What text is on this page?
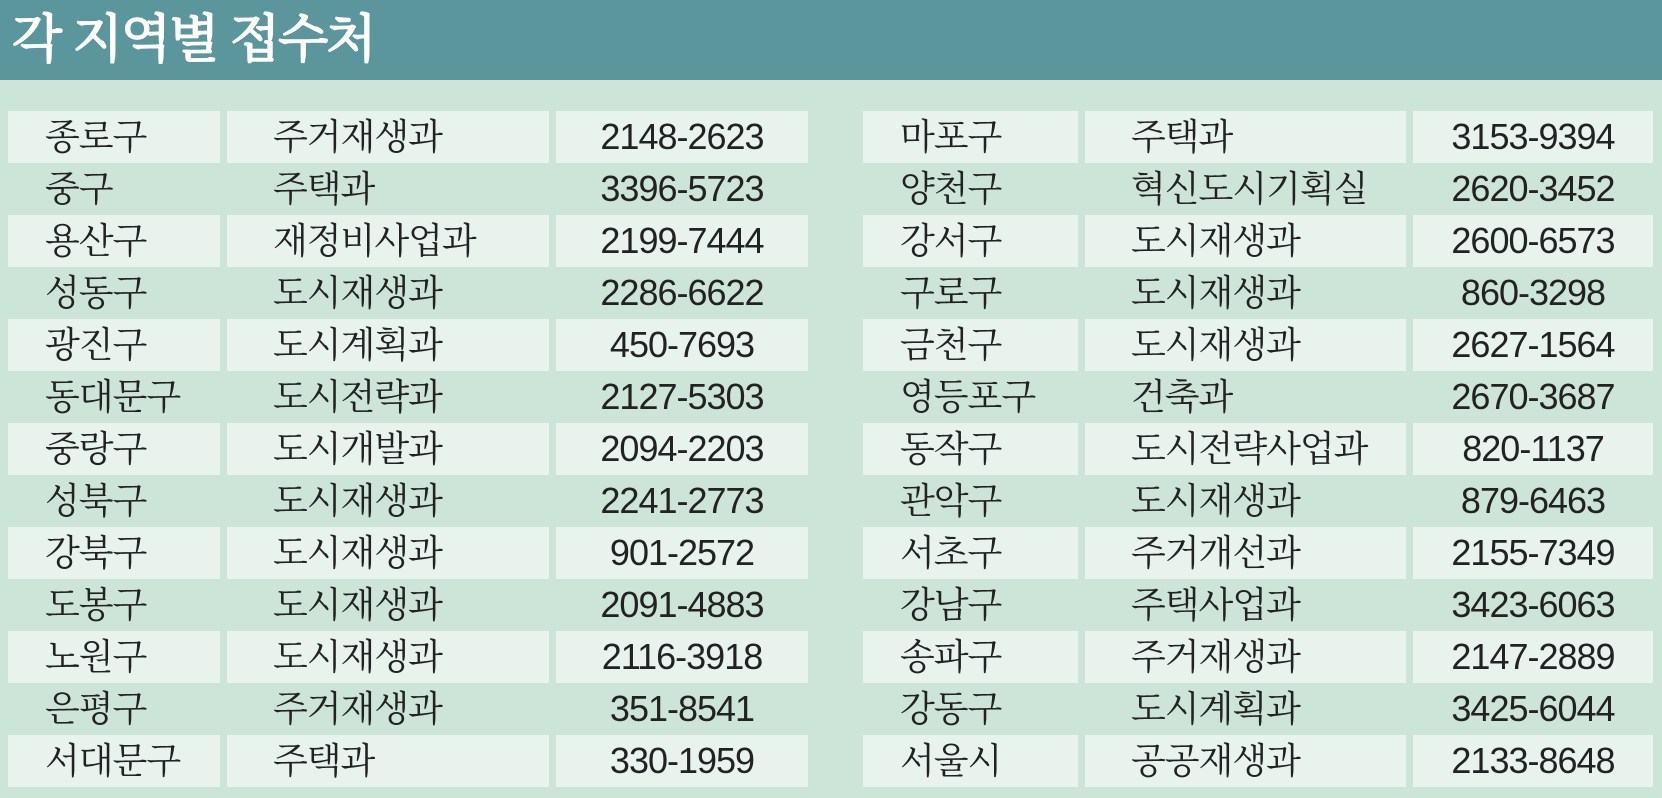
각 지역별 접수처
종로구	주거재생과	2148-2623
중구	주택과	3396-5723
용산구	재정비사업과	2199-7444
성동구	도시재생과	2286-6622
광진구	도시계획과	450-7693
동대문구	도시전략과	2127-5303
중랑구	도시개발과	2094-2203
성북구	도시재생과	2241-2773
강북구	도시재생과	901-2572
도봉구	도시재생과	2091-4883
노원구	도시재생과	2116-3918
은평구	주거재생과	351-8541
서대문구	주택과	330-1959
마포구	주택과	3153-9394
양천구	혁신도시기획실	2620-3452
강서구	도시재생과	2600-6573
구로구	도시재생과	860-3298
금천구	도시재생과	2627-1564
영등포구	건축과	2670-3687
동작구	도시전략사업과	820-1137
관악구	도시재생과	879-6463
서초구	주거개선과	2155-7349
강남구	주택사업과	3423-6063
송파구	주거재생과	2147-2889
강동구	도시계획과	3425-6044
서울시	공공재생과	2133-8648
